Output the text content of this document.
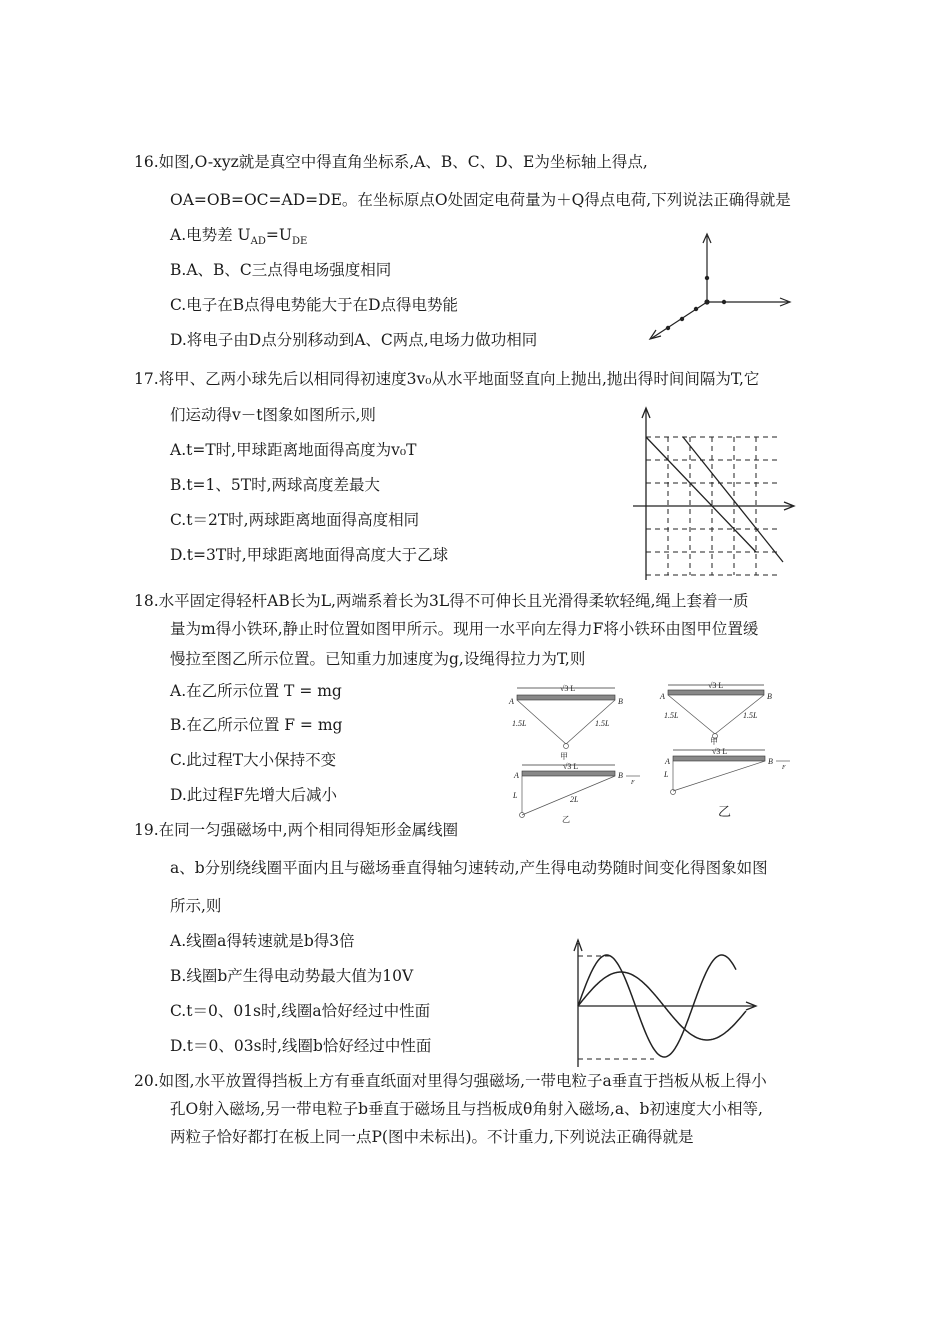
16.如图,O-xyz就是真空中得直角坐标系,A、B、C、D、E为坐标轴上得点,
OA=OB=OC=AD=DE。在坐标原点O处固定电荷量为＋Q得点电荷,下列说法正确得就是
A.电势差 $U_{AD}=U_{DE}$
B.A、B、C三点得电场强度相同
C.电子在B点得电势能大于在D点得电势能
D.将电子由D点分别移动到A、C两点,电场力做功相同
17.将甲、乙两小球先后以相同得初速度3v₀从水平地面竖直向上抛出,抛出得时间间隔为T,它
们运动得v－t图象如图所示,则
A.t=T时,甲球距离地面得高度为v₀T
B.t=1、5T时,两球高度差最大
C.t＝2T时,两球距离地面得高度相同
D.t=3T时,甲球距离地面得高度大于乙球
18.水平固定得轻杆AB长为L,两端系着长为3L得不可伸长且光滑得柔软轻绳,绳上套着一质
量为m得小铁环,静止时位置如图甲所示。现用一水平向左得力F将小铁环由图甲位置缓
慢拉至图乙所示位置。已知重力加速度为g,设绳得拉力为T,则
A.在乙所示位置 T = mg
B.在乙所示位置 F = mg
C.此过程T大小保持不变
D.此过程F先增大后减小
√3 L
A	B
1.5L	1.5L
甲
√3 L
A	B
1.5L	1.5L
甲
√3 L
A	B
L	2L
F
乙
√3 L
A	B
L
F
乙
19.在同一匀强磁场中,两个相同得矩形金属线圈
a、b分别绕线圈平面内且与磁场垂直得轴匀速转动,产生得电动势随时间变化得图象如图
所示,则
A.线圈a得转速就是b得3倍
B.线圈b产生得电动势最大值为10V
C.t＝0、01s时,线圈a恰好经过中性面
D.t＝0、03s时,线圈b恰好经过中性面
20.如图,水平放置得挡板上方有垂直纸面对里得匀强磁场,一带电粒子a垂直于挡板从板上得小
孔O射入磁场,另一带电粒子b垂直于磁场且与挡板成θ角射入磁场,a、b初速度大小相等,
两粒子恰好都打在板上同一点P(图中未标出)。不计重力,下列说法正确得就是
